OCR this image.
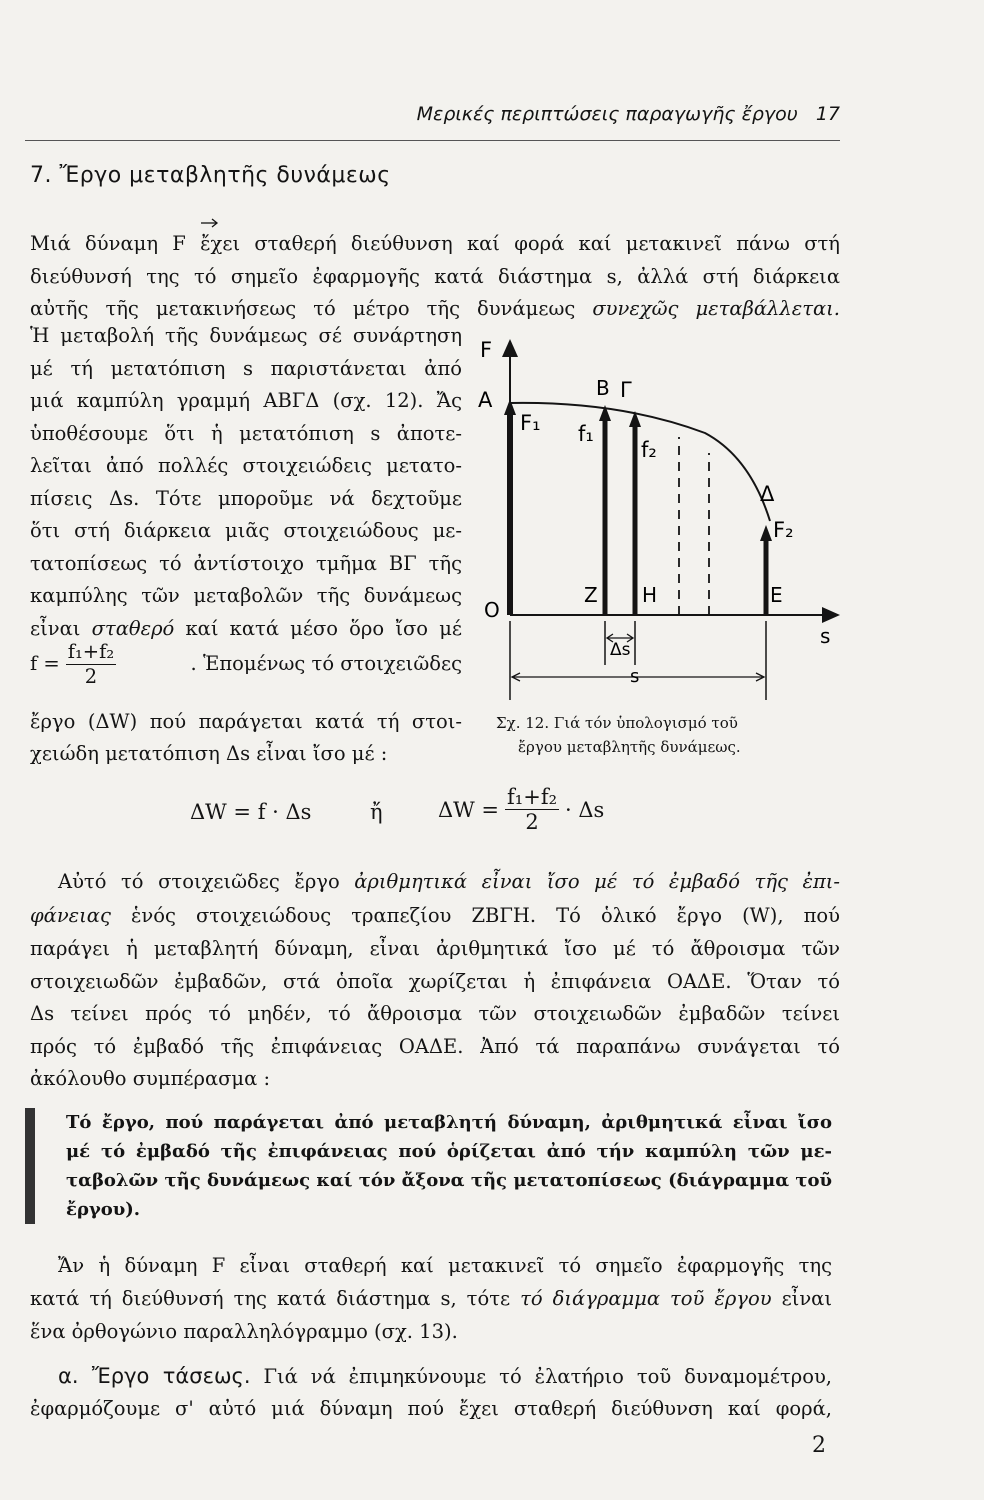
Μερικές περιπτώσεις παραγωγῆς ἔργου 17
7. Ἔργο μεταβλητῆς δυνάμεως
Μιά δύναμη F ἔχει σταθερή διεύθυνση καί φορά καί μετακινεῖ πάνω στή
διεύθυνσή της τό σημεῖο ἐφαρμογῆς κατά διάστημα s, ἀλλά στή διάρκεια
αὐτῆς τῆς μετακινήσεως τό μέτρο τῆς δυνάμεως συνεχῶς μεταβάλλεται.
Ἡ μεταβολή τῆς δυνάμεως σέ συνάρτηση
μέ τή μετατόπιση s παριστάνεται ἀπό
μιά καμπύλη γραμμή ΑΒΓΔ (σχ. 12). Ἄς
ὑποθέσουμε ὅτι ἡ μετατόπιση s ἀποτε-
λεῖται ἀπό πολλές στοιχειώδεις μετατο-
πίσεις Δs. Τότε μποροῦμε νά δεχτοῦμε
ὅτι στή διάρκεια μιᾶς στοιχειώδους με-
τατοπίσεως τό ἀντίστοιχο τμῆμα ΒΓ τῆς
καμπύλης τῶν μεταβολῶν τῆς δυνάμεως
εἶναι σταθερό καί κατά μέσο ὅρο ἴσο μέ
$f = \frac{\text{f₁+f₂}}{2}$	. Ἑπομένως τό στοιχειῶδες
ἔργο (ΔW) πού παράγεται κατά τή στοι-
χειώδη μετατόπιση Δs εἶναι ἴσο μέ :
F
s
O
A	B Γ
Δ
Z H	E
F₁ f₁
f₂
F₂
Δs
s
Σχ. 12. Γιά τόν ὑπολογισμό τοῦ
ἔργου μεταβλητῆς δυνάμεως.
ΔW = f · Δs	ἤ	$\Delta W = \frac{\text{f₁+f₂}}{2} \cdot \Delta s$
Αὐτό τό στοιχειῶδες ἔργο ἀριθμητικά εἶναι ἴσο μέ τό ἐμβαδό τῆς ἐπι-
φάνειας ἑνός στοιχειώδους τραπεζίου ΖΒΓΗ. Τό ὁλικό ἔργο (W), πού
παράγει ἡ μεταβλητή δύναμη, εἶναι ἀριθμητικά ἴσο μέ τό ἄθροισμα τῶν
στοιχειωδῶν ἐμβαδῶν, στά ὁποῖα χωρίζεται ἡ ἐπιφάνεια ΟΑΔΕ. Ὅταν τό
Δs τείνει πρός τό μηδέν, τό ἄθροισμα τῶν στοιχειωδῶν ἐμβαδῶν τείνει
πρός τό ἐμβαδό τῆς ἐπιφάνειας ΟΑΔΕ. Ἀπό τά παραπάνω συνάγεται τό
ἀκόλουθο συμπέρασμα :
Τό ἔργο, πού παράγεται ἀπό μεταβλητή δύναμη, ἀριθμητικά εἶναι ἴσο
μέ τό ἐμβαδό τῆς ἐπιφάνειας πού ὁρίζεται ἀπό τήν καμπύλη τῶν με-
ταβολῶν τῆς δυνάμεως καί τόν ἄξονα τῆς μετατοπίσεως (διάγραμμα τοῦ
ἔργου).
Ἄν ἡ δύναμη F εἶναι σταθερή καί μετακινεῖ τό σημεῖο ἐφαρμογῆς της
κατά τή διεύθυνσή της κατά διάστημα s, τότε τό διάγραμμα τοῦ ἔργου εἶναι
ἕνα ὀρθογώνιο παραλληλόγραμμο (σχ. 13).
α. Ἔργο τάσεως. Γιά νά ἐπιμηκύνουμε τό ἐλατήριο τοῦ δυναμομέτρου,
ἐφαρμόζουμε σ' αὐτό μιά δύναμη πού ἔχει σταθερή διεύθυνση καί φορά,
2
